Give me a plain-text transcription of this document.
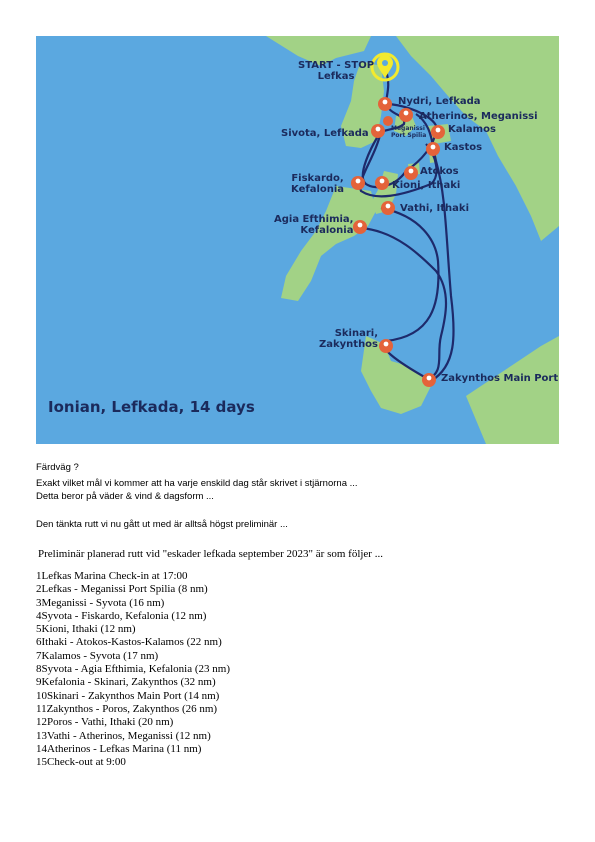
START - STOP
Lefkas
Nydri, Lefkada
Atherinos, Meganissi
Meganissi
Port Spilia
Sivota, Lefkada	Kalamos
Kastos
Atokos
Fiskardo,
Kefalonia	Kioni, Ithaki
Vathi, Ithaki
Agia Efthimia,
Kefalonia
Skinari,
Zakynthos
Zakynthos Main Port
Ionian, Lefkada, 14 days
Färdväg ?
Exakt vilket mål vi kommer att ha varje enskild dag står skrivet i stjärnorna ...
Detta beror på väder & vind & dagsform ...
Den tänkta rutt vi nu gått ut med är alltså högst preliminär ...
Preliminär planerad rutt vid "eskader lefkada september 2023" är som följer ...
1Lefkas Marina Check-in at 17:00
2Lefkas - Meganissi Port Spilia (8 nm)
3Meganissi - Syvota (16 nm)
4Syvota - Fiskardo, Kefalonia (12 nm)
5Kioni, Ithaki (12 nm)
6Ithaki - Atokos-Kastos-Kalamos (22 nm)
7Kalamos - Syvota (17 nm)
8Syvota - Agia Efthimia, Kefalonia (23 nm)
9Kefalonia - Skinari, Zakynthos (32 nm)
10Skinari - Zakynthos Main Port (14 nm)
11Zakynthos - Poros, Zakynthos (26 nm)
12Poros - Vathi, Ithaki (20 nm)
13Vathi - Atherinos, Meganissi (12 nm)
14Atherinos - Lefkas Marina (11 nm)
15Check-out at 9:00
